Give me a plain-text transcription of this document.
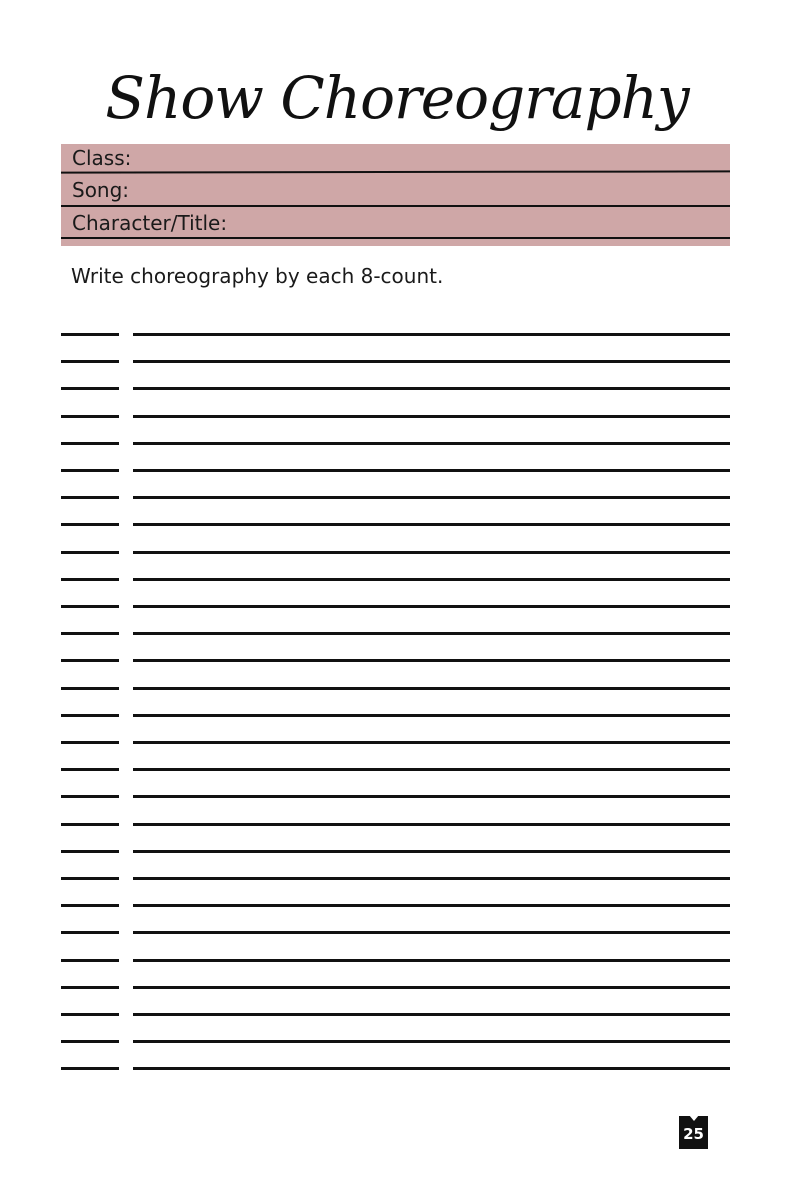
Show Choreography
Class:
Song:
Character/Title:

Write choreography by each 8-count.

25
